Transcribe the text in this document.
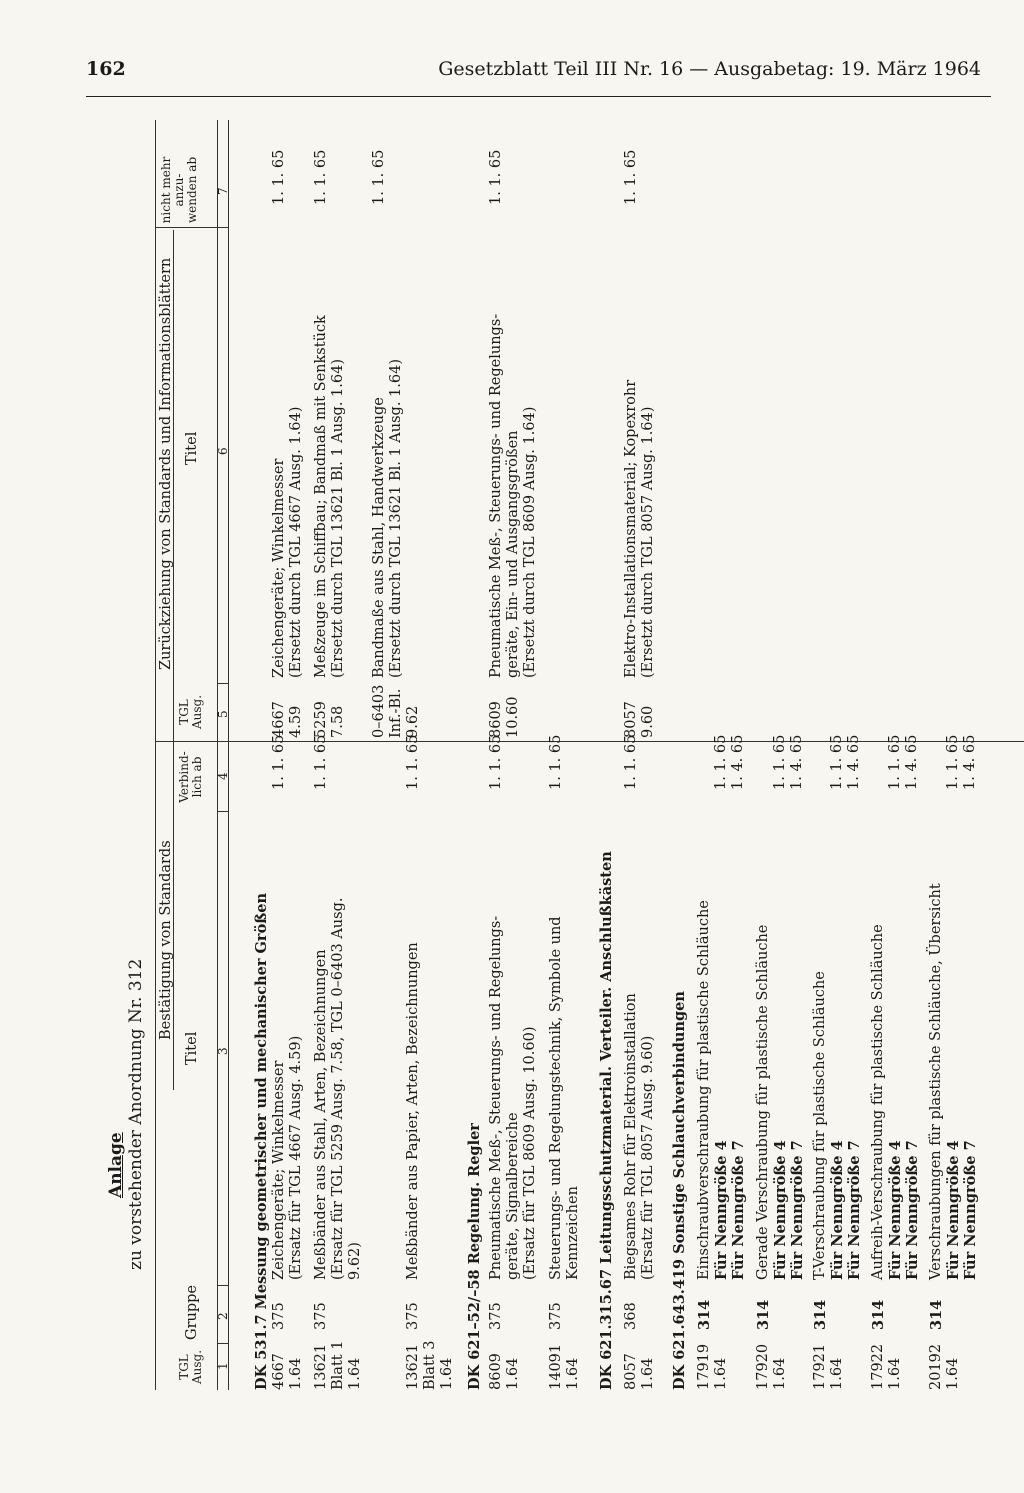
162	Gesetzblatt Teil III Nr. 16 — Ausgabetag: 19. März 1964
Anlage zu vorstehender Anordnung Nr. 312
Bestätigung von Standards
TGL Ausg.
Gruppe
Titel
Verbind- lich ab
1
2
3
4
Zurückziehung von Standards und Informationsblättern
TGL Ausg.
Titel
nicht mehr anzu- wenden ab
5
6
7
DK 531.7 Messung geometrischer und mechanischer Größen 4667 1.64
375
Zeichengeräte; Winkelmesser (Ersatz für TGL 4667 Ausg. 4.59)
1. 1. 65
4667 4.59
Zeichengeräte; Winkelmesser (Ersetzt durch TGL 4667 Ausg. 1.64)
1. 1. 65
13621 Blatt 1 1.64
375
Meßbänder aus Stahl, Arten, Bezeichnungen (Ersatz für TGL 5259 Ausg. 7.58, TGL 0–6403 Ausg. 9.62)
1. 1. 65
5259 7.58
Meßzeuge im Schiffbau; Bandmaß mit Senkstück (Ersetzt durch TGL 13621 Bl. 1 Ausg. 1.64)
1. 1. 65
0–6403 Inf.-Bl. 9.62
Bandmaße aus Stahl, Handwerkzeuge (Ersetzt durch TGL 13621 Bl. 1 Ausg. 1.64)
1. 1. 65
13621 Blatt 3 1.64
375
Meßbänder aus Papier, Arten, Bezeichnungen
1. 1. 65
DK 621–52/–58 Regelung. Regler 8609 1.64
375
Pneumatische Meß-, Steuerungs- und Regelungs- geräte, Signalbereiche (Ersatz für TGL 8609 Ausg. 10.60)
1. 1. 65
8609 10.60
Pneumatische Meß-, Steuerungs- und Regelungs- geräte, Ein- und Ausgangsgrößen (Ersetzt durch TGL 8609 Ausg. 1.64)
1. 1. 65
14091 1.64
375
Steuerungs- und Regelungstechnik, Symbole und Kennzeichen
1. 1. 65
DK 621.315.67 Leitungsschutzmaterial. Verteiler. Anschlußkästen 8057 1.64
368
Biegsames Rohr für Elektroinstallation (Ersatz für TGL 8057 Ausg. 9.60)
1. 1. 65
8057 9.60
Elektro-Installationsmaterial; Kopexrohr (Ersetzt durch TGL 8057 Ausg. 1.64)
1. 1. 65
DK 621.643.419 Sonstige Schlauchverbindungen 17919 1.64
314
Einschraubverschraubung für plastische Schläuche Für Nenngröße 4 Für Nenngröße 7
1. 1. 65 1. 4. 65
17920 1.64
314
Gerade Verschraubung für plastische Schläuche Für Nenngröße 4 Für Nenngröße 7
1. 1. 65 1. 4. 65
17921 1.64
314
T-Verschraubung für plastische Schläuche Für Nenngröße 4 Für Nenngröße 7
1. 1. 65 1. 4. 65
17922 1.64
314
Aufreih-Verschraubung für plastische Schläuche Für Nenngröße 4 Für Nenngröße 7
1. 1. 65 1. 4. 65
20192 1.64
314
Verschraubungen für plastische Schläuche, Übersicht Für Nenngröße 4 Für Nenngröße 7
1. 1. 65 1. 4. 65
